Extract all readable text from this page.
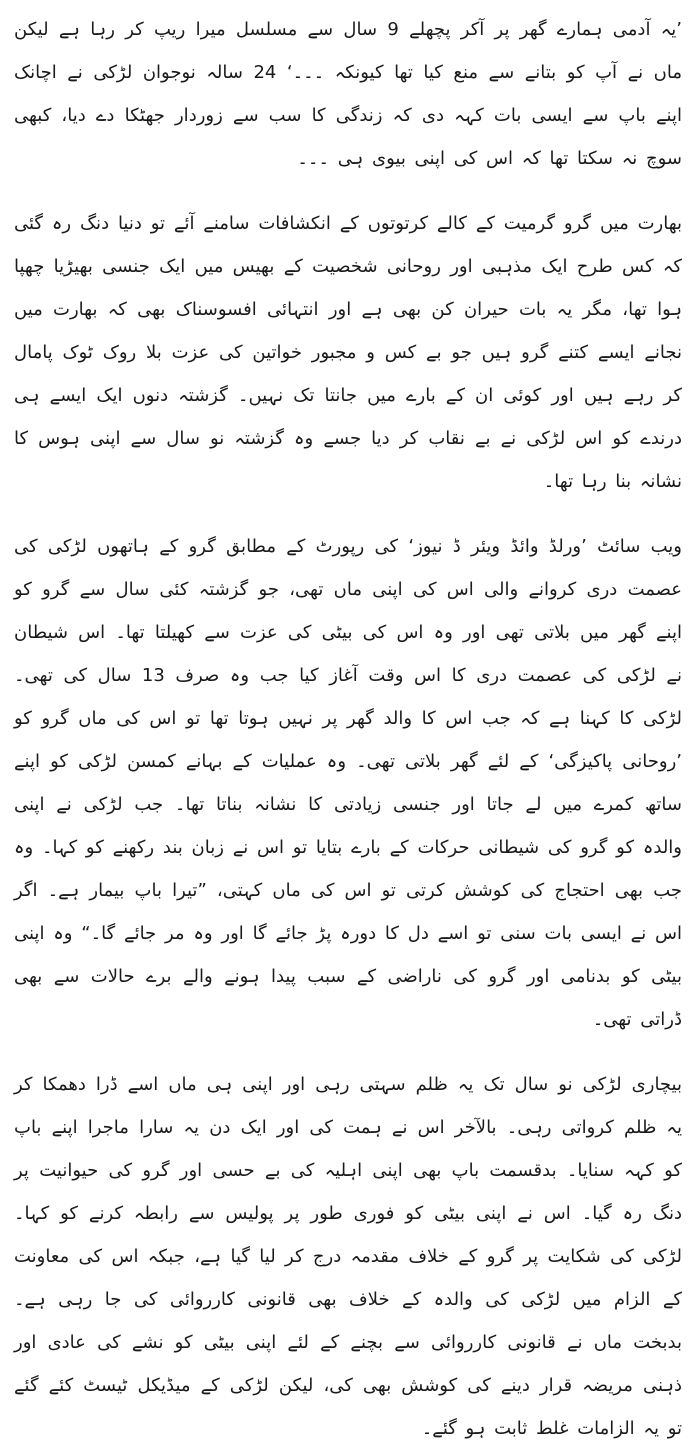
’یہ آدمی ہمارے گھر پر آکر پچھلے 9 سال سے مسلسل میرا ریپ کر رہا ہے لیکن ماں نے آپ کو بتانے سے منع کیا تھا کیونکہ ۔۔۔‘ 24 سالہ نوجوان لڑکی نے اچانک اپنے باپ سے ایسی بات کہہ دی کہ زندگی کا سب سے زوردار جھٹکا دے دیا، کبھی سوچ نہ سکتا تھا کہ اس کی اپنی بیوی ہی ۔۔۔

بھارت میں گرو گرمیت کے کالے کرتوتوں کے انکشافات سامنے آئے تو دنیا دنگ رہ گئی کہ کس طرح ایک مذہبی اور روحانی شخصیت کے بھیس میں ایک جنسی بھیڑیا چھپا ہوا تھا، مگر یہ بات حیران کن بھی ہے اور انتہائی افسوسناک بھی کہ بھارت میں نجانے ایسے کتنے گرو ہیں جو بے کس و مجبور خواتین کی عزت بلا روک ٹوک پامال کر رہے ہیں اور کوئی ان کے بارے میں جانتا تک نہیں۔ گزشتہ دنوں ایک ایسے ہی درندے کو اس لڑکی نے بے نقاب کر دیا جسے وہ گزشتہ نو سال سے اپنی ہوس کا نشانہ بنا رہا تھا۔

ویب سائٹ ’ورلڈ وائڈ ویئر ڈ نیوز‘ کی رپورٹ کے مطابق گرو کے ہاتھوں لڑکی کی عصمت دری کروانے والی اس کی اپنی ماں تھی، جو گزشتہ کئی سال سے گرو کو اپنے گھر میں بلاتی تھی اور وہ اس کی بیٹی کی عزت سے کھیلتا تھا۔ اس شیطان نے لڑکی کی عصمت دری کا اس وقت آغاز کیا جب وہ صرف 13 سال کی تھی۔ لڑکی کا کہنا ہے کہ جب اس کا والد گھر پر نہیں ہوتا تھا تو اس کی ماں گرو کو ’روحانی پاکیزگی‘ کے لئے گھر بلاتی تھی۔ وہ عملیات کے بہانے کمسن لڑکی کو اپنے ساتھ کمرے میں لے جاتا اور جنسی زیادتی کا نشانہ بناتا تھا۔ جب لڑکی نے اپنی والدہ کو گرو کی شیطانی حرکات کے بارے بتایا تو اس نے زبان بند رکھنے کو کہا۔ وہ جب بھی احتجاج کی کوشش کرتی تو اس کی ماں کہتی، ”تیرا باپ بیمار ہے۔ اگر اس نے ایسی بات سنی تو اسے دل کا دورہ پڑ جائے گا اور وہ مر جائے گا۔“ وہ اپنی بیٹی کو بدنامی اور گرو کی ناراضی کے سبب پیدا ہونے والے برے حالات سے بھی ڈراتی تھی۔

بیچاری لڑکی نو سال تک یہ ظلم سہتی رہی اور اپنی ہی ماں اسے ڈرا دھمکا کر یہ ظلم کرواتی رہی۔ بالآخر اس نے ہمت کی اور ایک دن یہ سارا ماجرا اپنے باپ کو کہہ سنایا۔ بدقسمت باپ بھی اپنی اہلیہ کی بے حسی اور گرو کی حیوانیت پر دنگ رہ گیا۔ اس نے اپنی بیٹی کو فوری طور پر پولیس سے رابطہ کرنے کو کہا۔ لڑکی کی شکایت پر گرو کے خلاف مقدمہ درج کر لیا گیا ہے، جبکہ اس کی معاونت کے الزام میں لڑکی کی والدہ کے خلاف بھی قانونی کارروائی کی جا رہی ہے۔ بدبخت ماں نے قانونی کارروائی سے بچنے کے لئے اپنی بیٹی کو نشے کی عادی اور ذہنی مریضہ قرار دینے کی کوشش بھی کی، لیکن لڑکی کے میڈیکل ٹیسٹ کئے گئے تو یہ الزامات غلط ثابت ہو گئے۔
